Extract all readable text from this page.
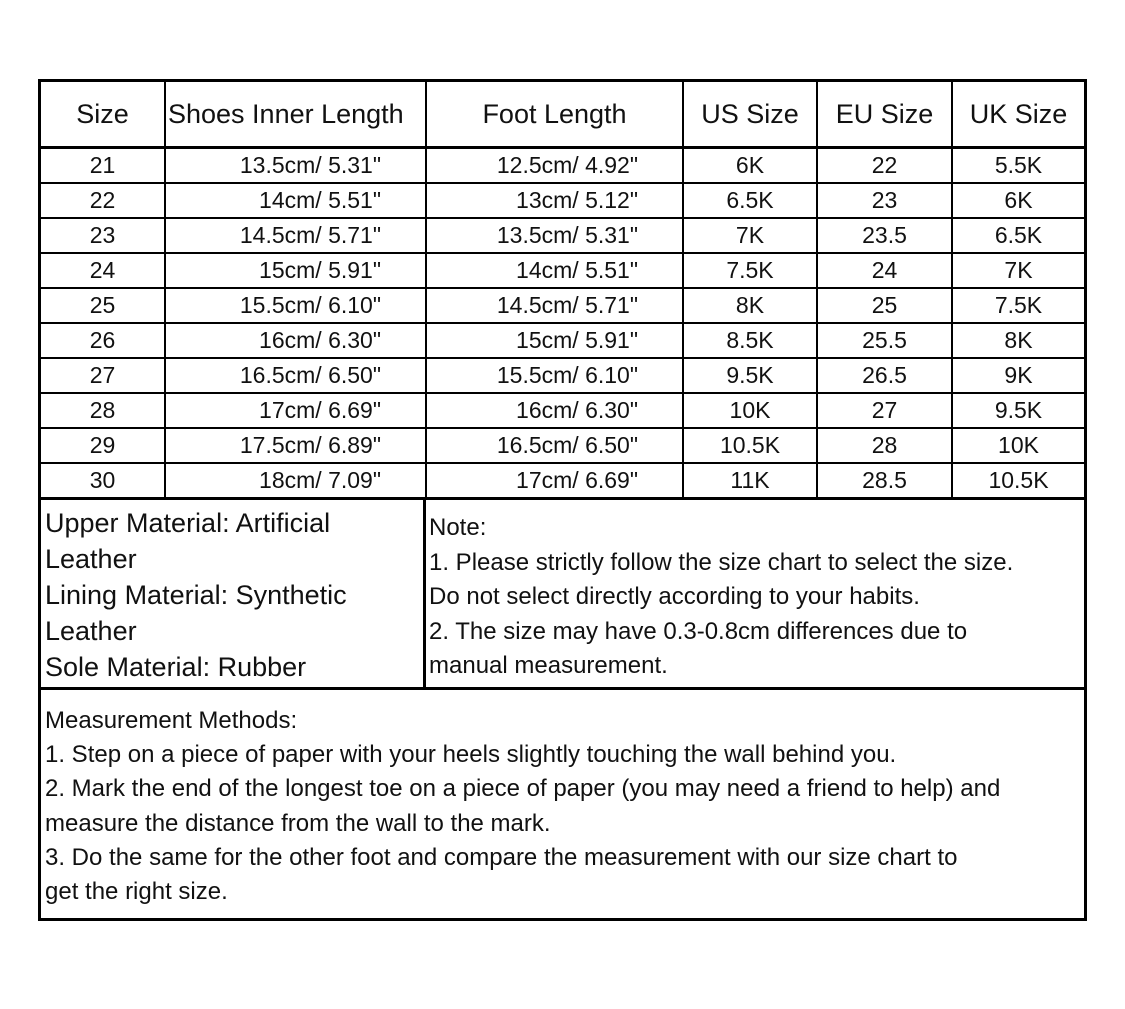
Size	Shoes Inner Length	Foot Length	US Size	EU Size	UK Size
21	13.5cm/ 5.31"	12.5cm/ 4.92"	6K	22	5.5K
22	14cm/ 5.51"	13cm/ 5.12"	6.5K	23	6K
23	14.5cm/ 5.71"	13.5cm/ 5.31"	7K	23.5	6.5K
24	15cm/ 5.91"	14cm/ 5.51"	7.5K	24	7K
25	15.5cm/ 6.10"	14.5cm/ 5.71"	8K	25	7.5K
26	16cm/ 6.30"	15cm/ 5.91"	8.5K	25.5	8K
27	16.5cm/ 6.50"	15.5cm/ 6.10"	9.5K	26.5	9K
28	17cm/ 6.69"	16cm/ 6.30"	10K	27	9.5K
29	17.5cm/ 6.89"	16.5cm/ 6.50"	10.5K	28	10K
30	18cm/ 7.09"	17cm/ 6.69"	11K	28.5	10.5K
Upper Material: Artificial
Leather
Lining Material: Synthetic
Leather
Sole Material: Rubber
Note:
1. Please strictly follow the size chart to select the size.
Do not select directly according to your habits.
2. The size may have 0.3-0.8cm differences due to
manual measurement.
Measurement Methods:
1. Step on a piece of paper with your heels slightly touching the wall behind you.
2. Mark the end of the longest toe on a piece of paper (you may need a friend to help) and
measure the distance from the wall to the mark.
3. Do the same for the other foot and compare the measurement with our size chart to
get the right size.
